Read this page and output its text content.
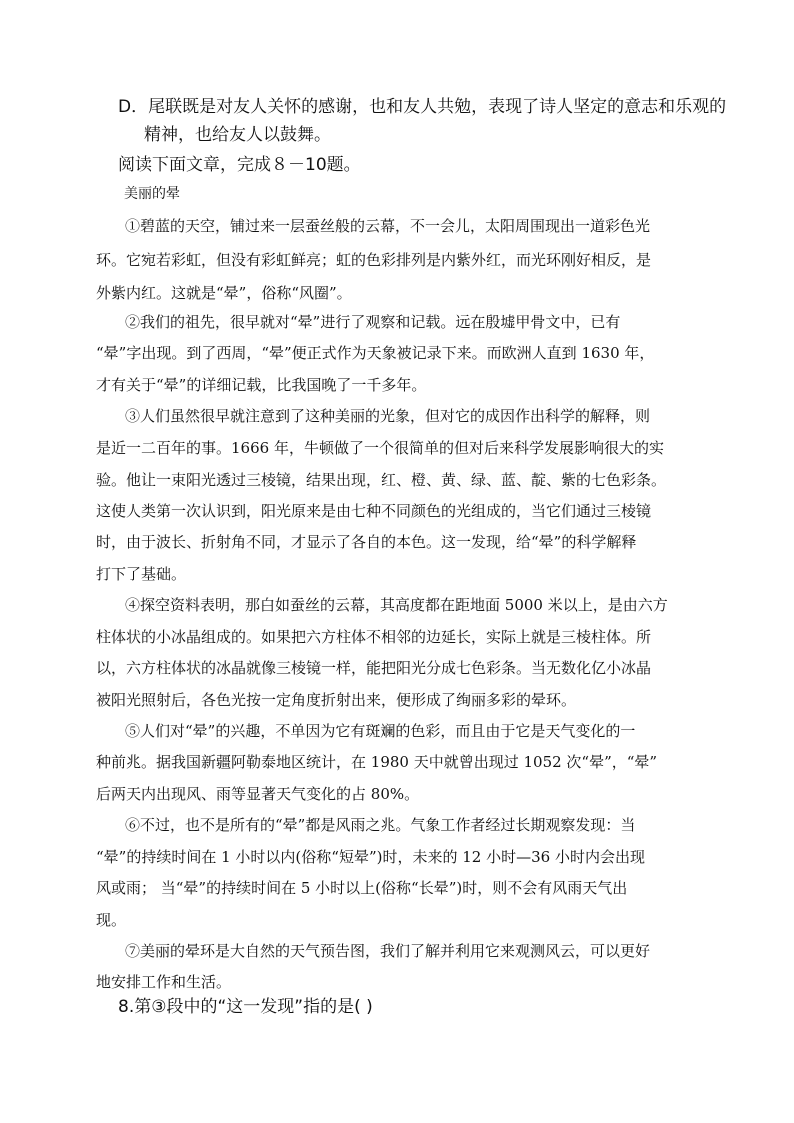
D．尾联既是对友人关怀的感谢，也和友人共勉，表现了诗人坚定的意志和乐观的
精神，也给友人以鼓舞。
阅读下面文章，完成８－10题。
美丽的晕
①碧蓝的天空，铺过来一层蚕丝般的云幕，不一会儿，太阳周围现出一道彩色光
环。它宛若彩虹，但没有彩虹鲜亮；虹的色彩排列是内紫外红，而光环刚好相反，是
外紫内红。这就是“晕”，俗称“风圈”。
②我们的祖先，很早就对“晕”进行了观察和记载。远在殷墟甲骨文中，已有
“晕”字出现。到了西周，“晕”便正式作为天象被记录下来。而欧洲人直到 1630 年，
才有关于“晕”的详细记载，比我国晚了一千多年。
③人们虽然很早就注意到了这种美丽的光象，但对它的成因作出科学的解释，则
是近一二百年的事。1666 年，牛顿做了一个很简单的但对后来科学发展影响很大的实
验。他让一束阳光透过三棱镜，结果出现，红、橙、黄、绿、蓝、靛、紫的七色彩条。
这使人类第一次认识到，阳光原来是由七种不同颜色的光组成的，当它们通过三棱镜
时，由于波长、折射角不同，才显示了各自的本色。这一发现，给“晕”的科学解释
打下了基础。
④探空资料表明，那白如蚕丝的云幕，其高度都在距地面 5000 米以上，是由六方
柱体状的小冰晶组成的。如果把六方柱体不相邻的边延长，实际上就是三棱柱体。所
以，六方柱体状的冰晶就像三棱镜一样，能把阳光分成七色彩条。当无数化亿小冰晶
被阳光照射后，各色光按一定角度折射出来，便形成了绚丽多彩的晕环。
⑤人们对“晕”的兴趣，不单因为它有斑斓的色彩，而且由于它是天气变化的一
种前兆。据我国新疆阿勒泰地区统计，在 1980 天中就曾出现过 1052 次“晕”，“晕”
后两天内出现风、雨等显著天气变化的占 80%。
⑥不过，也不是所有的“晕”都是风雨之兆。气象工作者经过长期观察发现：当
“晕”的持续时间在 1 小时以内(俗称“短晕”)时，未来的 12 小时—36 小时内会出现
风或雨； 当“晕”的持续时间在 5 小时以上(俗称“长晕”)时，则不会有风雨天气出
现。
⑦美丽的晕环是大自然的天气预告图，我们了解并利用它来观测风云，可以更好
地安排工作和生活。
8.第③段中的“这一发现”指的是( )
